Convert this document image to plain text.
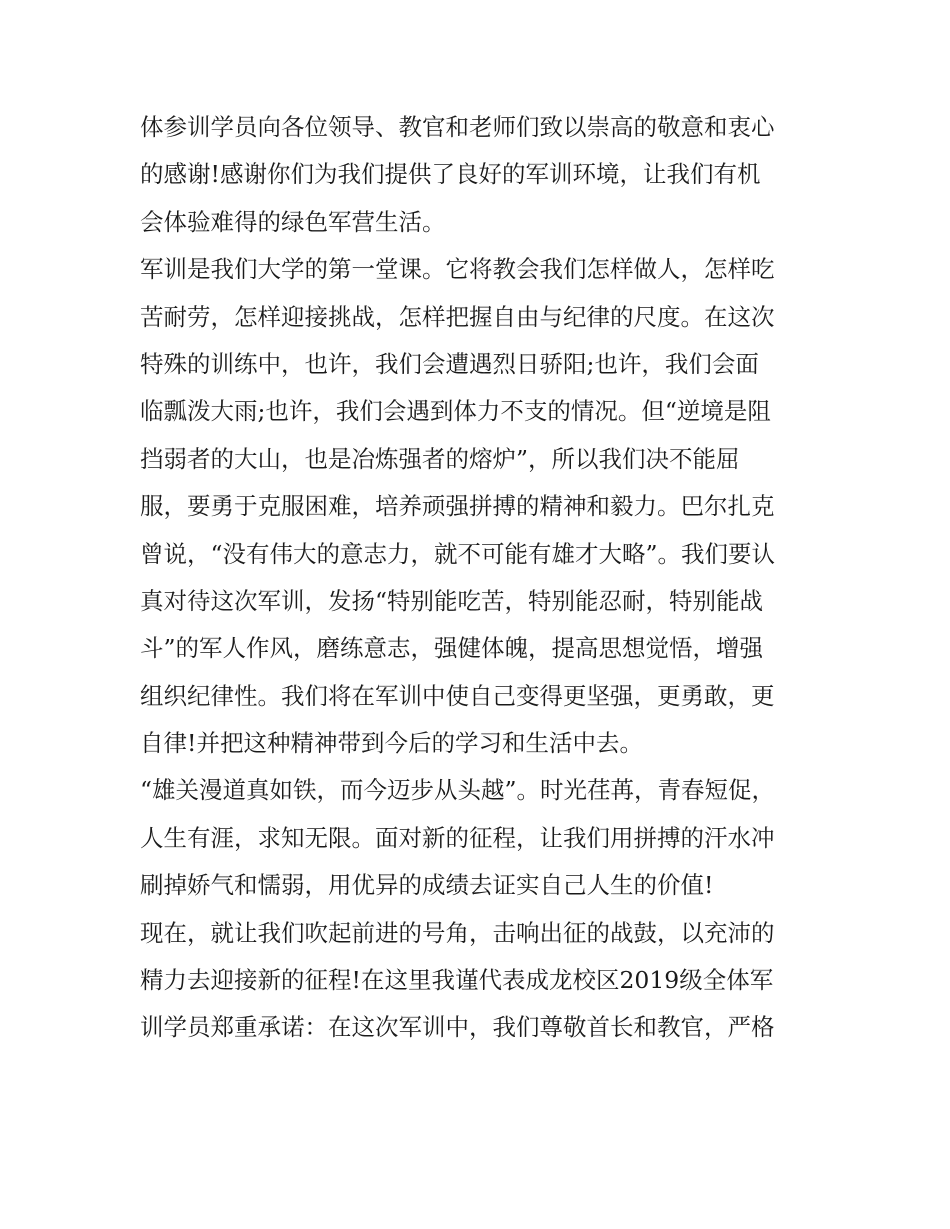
体参训学员向各位领导、教官和老师们致以崇高的敬意和衷心
的感谢!感谢你们为我们提供了良好的军训环境，让我们有机
会体验难得的绿色军营生活。
军训是我们大学的第一堂课。它将教会我们怎样做人，怎样吃
苦耐劳，怎样迎接挑战，怎样把握自由与纪律的尺度。在这次
特殊的训练中，也许，我们会遭遇烈日骄阳;也许，我们会面
临瓢泼大雨;也许，我们会遇到体力不支的情况。但“逆境是阻
挡弱者的大山，也是冶炼强者的熔炉”，所以我们决不能屈
服，要勇于克服困难，培养顽强拼搏的精神和毅力。巴尔扎克
曾说，“没有伟大的意志力，就不可能有雄才大略”。我们要认
真对待这次军训，发扬“特别能吃苦，特别能忍耐，特别能战
斗”的军人作风，磨练意志，强健体魄，提高思想觉悟，增强
组织纪律性。我们将在军训中使自己变得更坚强，更勇敢，更
自律!并把这种精神带到今后的学习和生活中去。
“雄关漫道真如铁，而今迈步从头越”。时光荏苒，青春短促，
人生有涯，求知无限。面对新的征程，让我们用拼搏的汗水冲
刷掉娇气和懦弱，用优异的成绩去证实自己人生的价值!
现在，就让我们吹起前进的号角，击响出征的战鼓，以充沛的
精力去迎接新的征程!在这里我谨代表成龙校区2019级全体军
训学员郑重承诺：在这次军训中，我们尊敬首长和教官，严格
